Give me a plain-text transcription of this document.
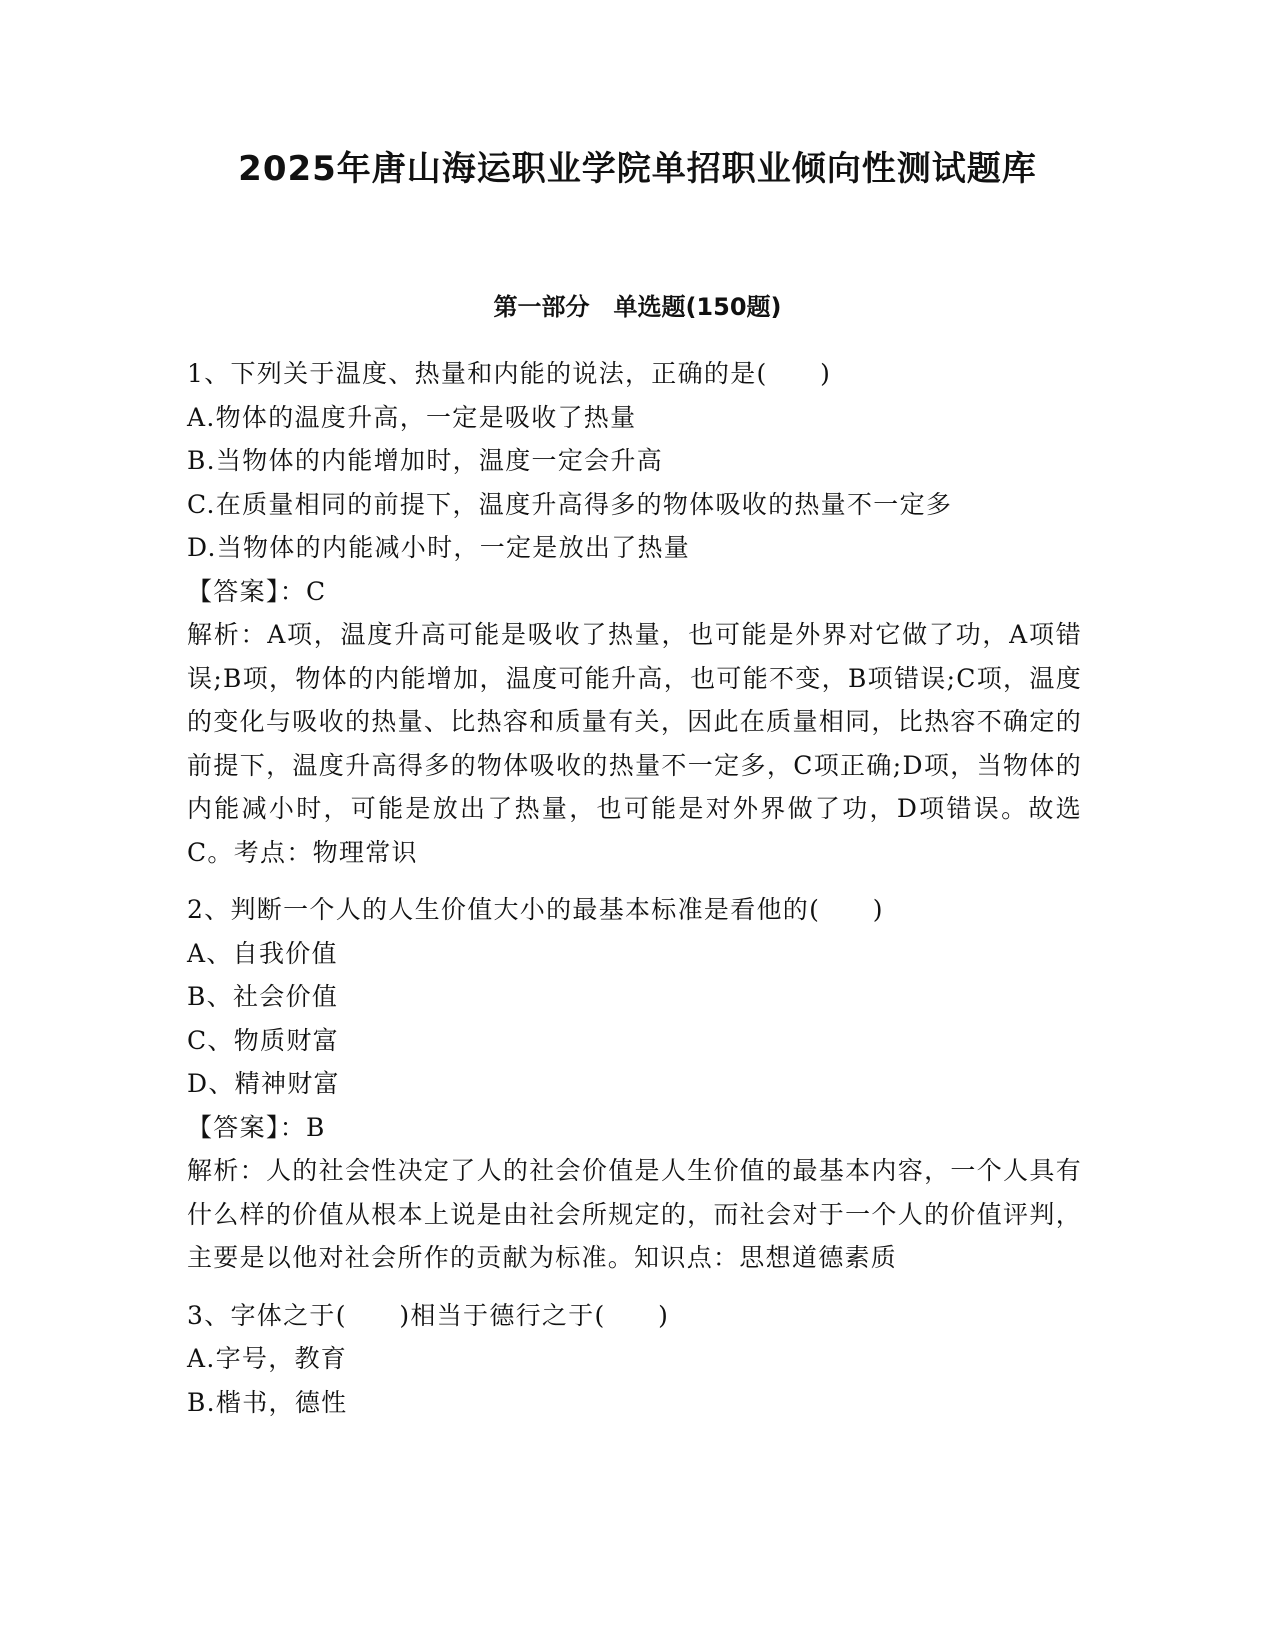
2025年唐山海运职业学院单招职业倾向性测试题库
第一部分　单选题(150题)

1、下列关于温度、热量和内能的说法，正确的是(　　)

A.物体的温度升高，一定是吸收了热量

B.当物体的内能增加时，温度一定会升高

C.在质量相同的前提下，温度升高得多的物体吸收的热量不一定多

D.当物体的内能减小时，一定是放出了热量

【答案】：C

解析：A项，温度升高可能是吸收了热量，也可能是外界对它做了功，A项错误;B项，物体的内能增加，温度可能升高，也可能不变，B项错误;C项，温度的变化与吸收的热量、比热容和质量有关，因此在质量相同，比热容不确定的前提下，温度升高得多的物体吸收的热量不一定多，C项正确;D项，当物体的内能减小时，可能是放出了热量，也可能是对外界做了功，D项错误。故选C。考点：物理常识

2、判断一个人的人生价值大小的最基本标准是看他的(　　)

A、自我价值

B、社会价值

C、物质财富

D、精神财富

【答案】：B

解析：人的社会性决定了人的社会价值是人生价值的最基本内容，一个人具有什么样的价值从根本上说是由社会所规定的，而社会对于一个人的价值评判，主要是以他对社会所作的贡献为标准。知识点：思想道德素质

3、字体之于(　　)相当于德行之于(　　)

A.字号，教育

B.楷书，德性
